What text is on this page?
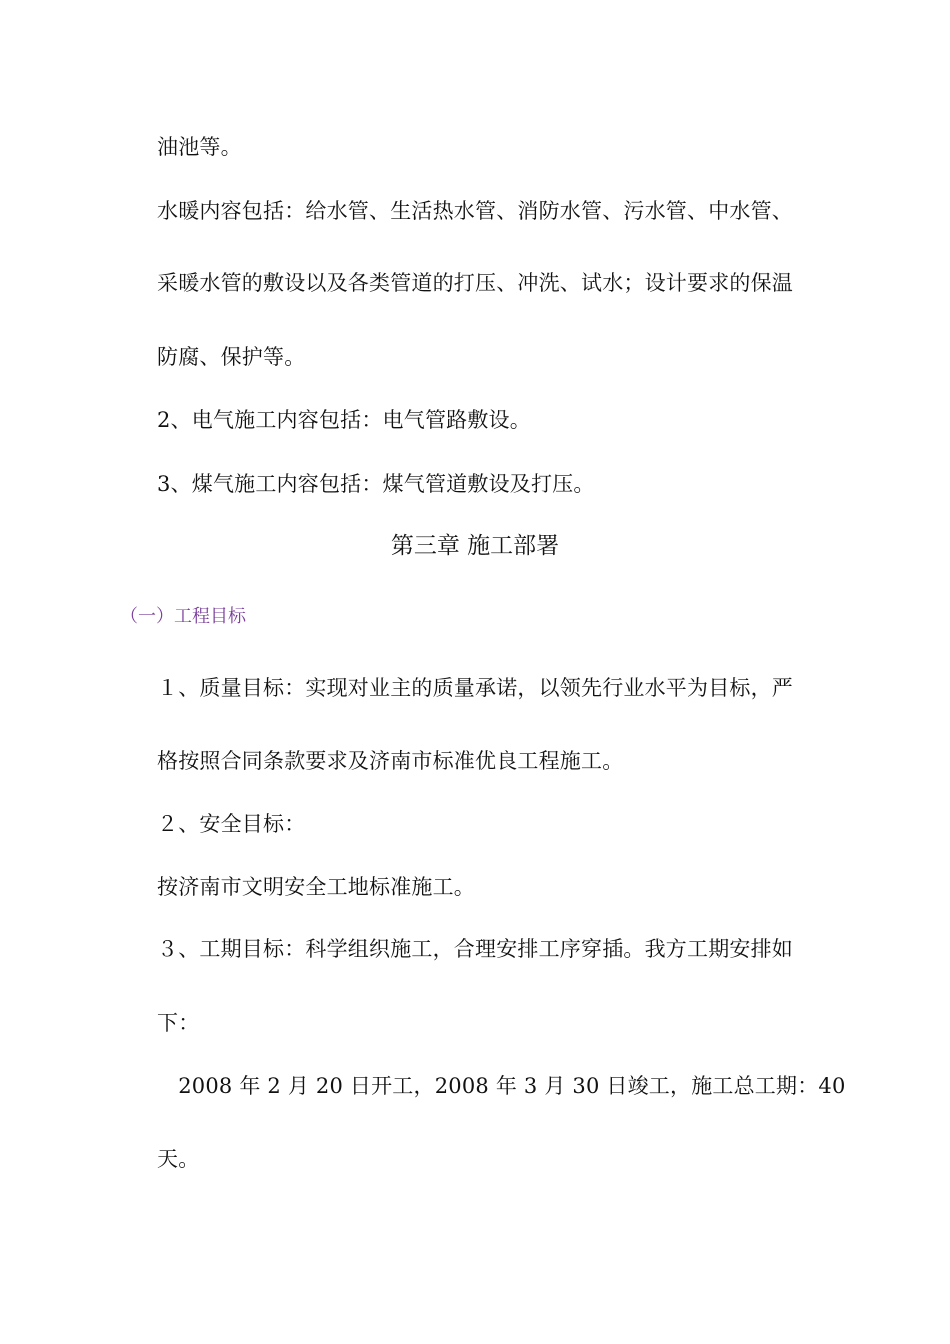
油池等。
水暖内容包括：给水管、生活热水管、消防水管、污水管、中水管、
采暖水管的敷设以及各类管道的打压、冲洗、试水；设计要求的保温
防腐、保护等。
2、电气施工内容包括：电气管路敷设。
3、煤气施工内容包括：煤气管道敷设及打压。
第三章 施工部署
（一）工程目标
１、质量目标：实现对业主的质量承诺，以领先行业水平为目标，严
格按照合同条款要求及济南市标准优良工程施工。
２、安全目标：
按济南市文明安全工地标准施工。
３、工期目标：科学组织施工，合理安排工序穿插。我方工期安排如
下：
　2008 年 2 月 20 日开工，2008 年 3 月 30 日竣工，施工总工期：40
天。
